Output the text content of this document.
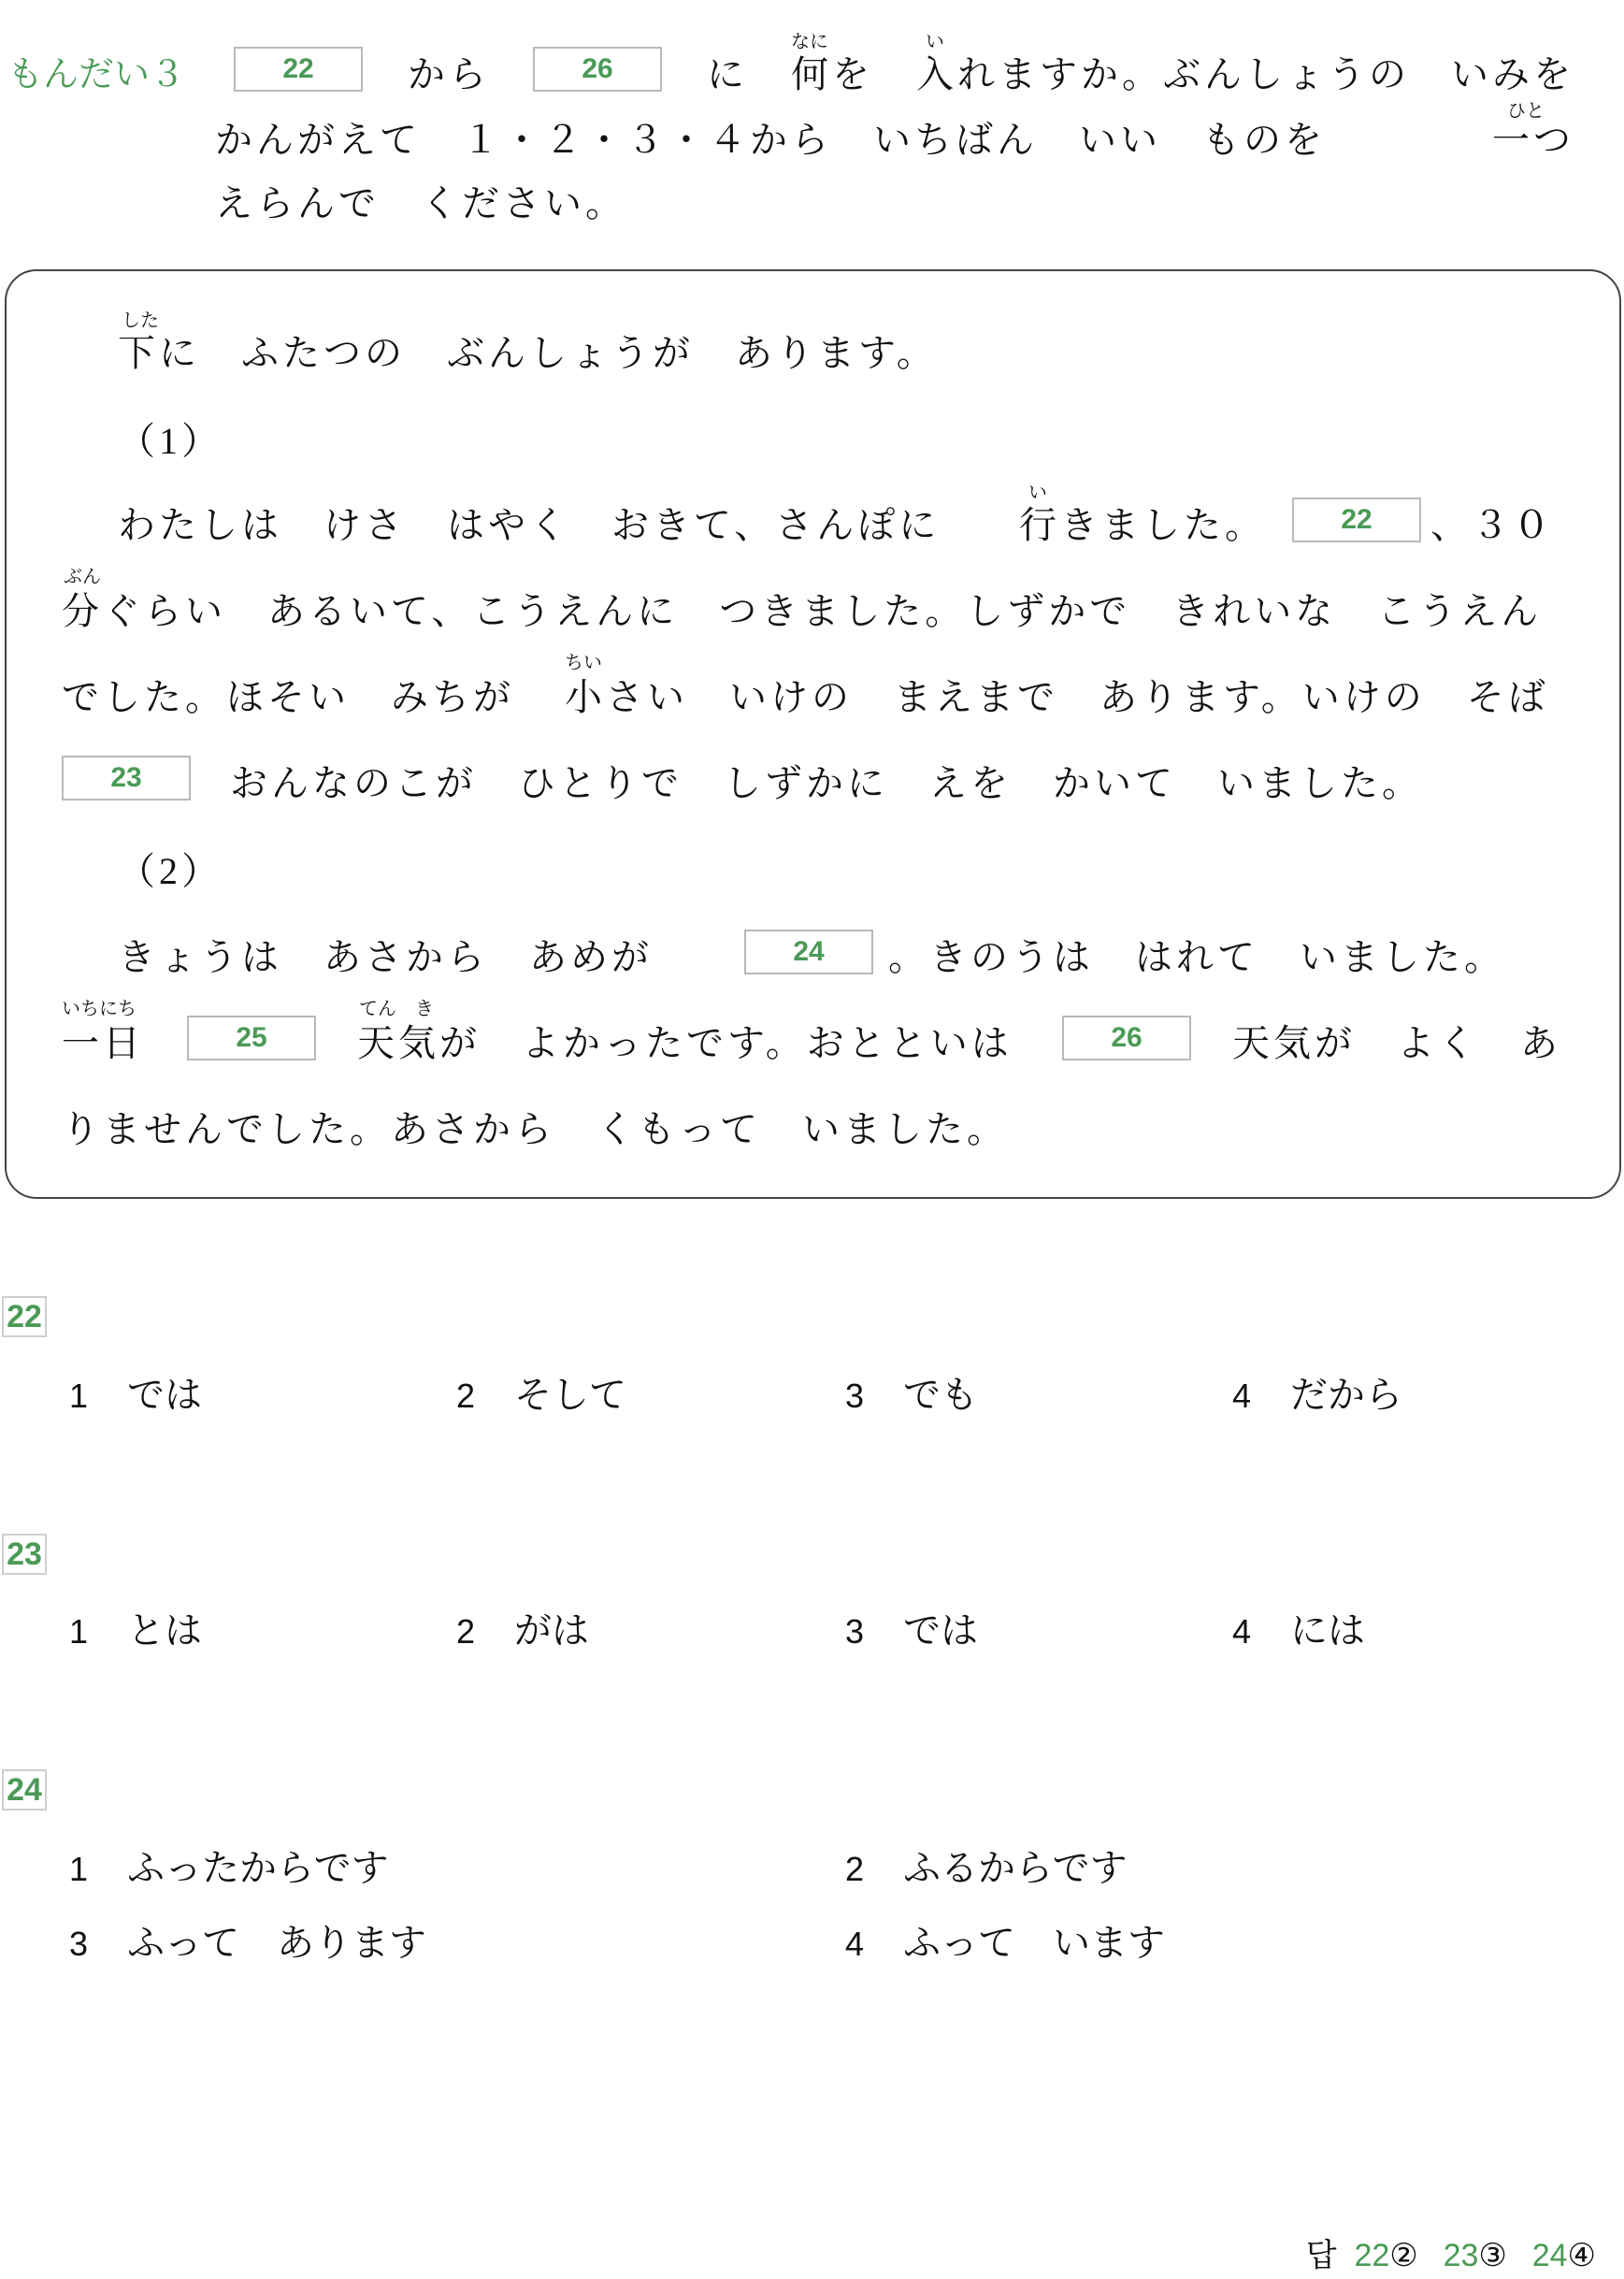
もんだい３	22	から	26	に
なに
何を
い
入れますか。ぶんしょうの　いみを
かんがえて　１・２・３・４から　いちばん　いい　ものを
ひと
一つ
えらんで　ください。
した
下に　ふたつの　ぶんしょうが　あります。
（1）
わたしは　けさ　はやく　おきて、さんぽに
い
行きました。	22	、３０
ぶん
分ぐらい　あるいて、こうえんに　つきました。しずかで　きれいな　こうえん
でした。ほそい　みちが
ちい
小さい　いけの　まえまで　あります。いけの　そば
23	おんなのこが　ひとりで　しずかに　えを　かいて　いました。
（2）
きょうは　あさから　あめが	24	。きのうは　はれて　いました。
いちにち
一日	25
てん　き
天気が　よかったです。おとといは	26	天気が　よく　あ
りませんでした。あさから　くもって　いました。
22
1 では	2 そして	3 でも	4 だから
23
1 とは	2 がは	3 では	4 には
24
1 ふったからです	2 ふるからです
3 ふって　あります	4 ふって　います
답 22② 23③ 24④
